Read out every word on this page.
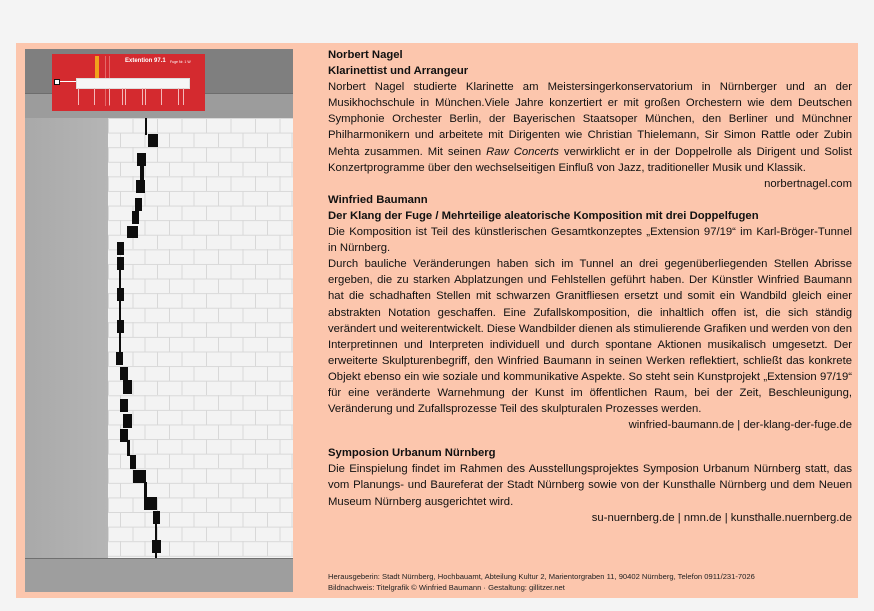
Extention 97.1 Fuge Nr. 1 W

Norbert Nagel

Klarinettist und Arrangeur

Norbert Nagel studierte Klarinette am Meistersingerkonservatorium in Nürnberger und an der Musikhochschule in München.Viele Jahre konzertiert er mit großen Orchestern wie dem Deutschen Symphonie Orchester Berlin, der Bayerischen Staatsoper München, den Berliner und Münchner Philharmonikern und arbeitete mit Dirigenten wie Christian Thielemann, Sir Simon Rattle oder Zubin Mehta zusammen. Mit seinen Raw Concerts verwirklicht er in der Doppelrolle als Dirigent und Solist Konzertprogramme über den wechselseitigen Einfluß von Jazz, traditioneller Musik und Klassik.

norbertnagel.com

Winfried Baumann

Der Klang der Fuge / Mehrteilige aleatorische Komposition mit drei Doppelfugen

Die Komposition ist Teil des künstlerischen Gesamtkonzeptes „Extension 97/19“ im Karl-Bröger-Tunnel in Nürnberg.

Durch bauliche Veränderungen haben sich im Tunnel an drei gegenüberliegenden Stellen Abrisse ergeben, die zu starken Abplatzungen und Fehlstellen geführt haben. Der Künstler Winfried Baumann hat die schadhaften Stellen mit schwarzen Granitfliesen ersetzt und somit ein Wandbild gleich einer abstrakten Notation geschaffen. Eine Zufallskomposition, die inhaltlich offen ist, die sich ständig verändert und weiterentwickelt. Diese Wandbilder dienen als stimulierende Grafiken und werden von den Interpretinnen und Interpreten individuell und durch spontane Aktionen musikalisch umgesetzt. Der erweiterte Skulpturenbegriff, den Winfried Baumann in seinen Werken reflektiert, schließt das konkrete Objekt ebenso ein wie soziale und kommunikative Aspekte. So steht sein Kunstprojekt „Extension 97/19“ für eine veränderte Warnehmung der Kunst im öffentlichen Raum, bei der Zeit, Beschleunigung, Veränderung und Zufallsprozesse Teil des skulpturalen Prozesses werden.

winfried-baumann.de | der-klang-der-fuge.de

Symposion Urbanum Nürnberg

Die Einspielung findet im Rahmen des Ausstellungsprojektes Symposion Urbanum Nürnberg statt, das vom Planungs- und Baureferat der Stadt Nürnberg sowie von der Kunsthalle Nürnberg und dem Neuen Museum Nürnberg ausgerichtet wird.

su-nuernberg.de | nmn.de | kunsthalle.nuernberg.de

Herausgeberin: Stadt Nürnberg, Hochbauamt, Abteilung Kultur 2, Marientorgraben 11, 90402 Nürnberg, Telefon 0911/231-7026
Bildnachweis: Titelgrafik © Winfried Baumann · Gestaltung: gillitzer.net
